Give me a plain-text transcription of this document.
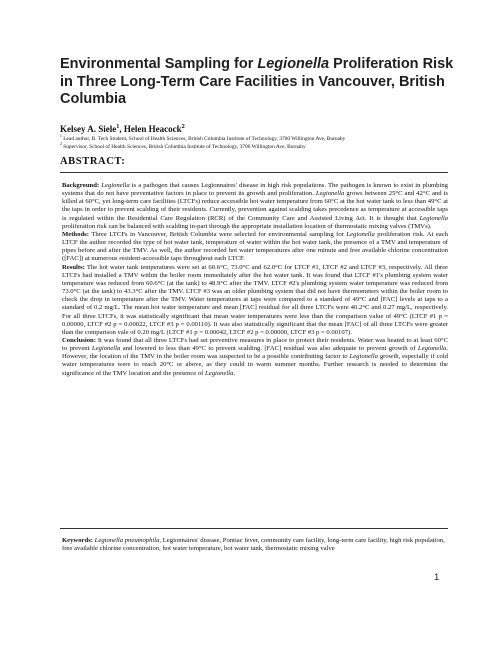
Environmental Sampling for Legionella Proliferation Risk in Three Long-Term Care Facilities in Vancouver, British Columbia
Kelsey A. Siele$^1$, Helen Heacock$^2$
$^1$ Lead author, B. Tech Student, School of Health Sciences, British Columbia Institute of Technology, 3700 Willington Ave, Burnaby
$^2$ Supervisor, School of Health Sciences, British Columbia Institute of Technology, 3700 Willington Ave, Burnaby
ABSTRACT:

Background: Legionella is a pathogen that causes Legionnaires' disease in high risk populations. The pathogen is known to exist in plumbing systems that do not have preventative factors in place to prevent its growth and proliferation. Legionella grows between 25°C and 42°C and is killed at 60°C, yet long-term care facilities (LTCFs) reduce accessible hot water temperature from 60°C at the hot water tank to less than 49°C at the taps in order to prevent scalding of their residents. Currently, prevention against scalding takes precedence as temperature at accessible taps is regulated within the Residential Care Regulation (RCR) of the Community Care and Assisted Living Act. It is thought that Legionella proliferation risk can be balanced with scalding in-part through the appropriate installation location of thermostatic mixing valves (TMVs).

Methods: Three LTCFs in Vancouver, British Columbia were selected for environmental sampling for Legionella proliferation risk. At each LTCF the author recorded the type of hot water tank, temperature of water within the hot water tank, the presence of a TMV and temperature of pipes before and after the TMV. As well, the author recorded hot water temperatures after one minute and free available chlorine concentration ([FAC]) at numerous resident-accessible taps throughout each LTCF.

Results: The hot water tank temperatures were set at 60.6°C, 73.0°C and 62.0°C for LTCF #1, LTCF #2 and LTCF #3, respectively. All three LTCFs had installed a TMV within the boiler room immediately after the hot water tank. It was found that LTCF #1's plumbing system water temperature was reduced from 60.6°C (at the tank) to 48.9°C after the TMV. LTCF #2's plumbing system water temperature was reduced from 73.0°C (at the tank) to 43.3°C after the TMV. LTCF #3 was an older plumbing system that did not have thermometers within the boiler room to check the drop in temperature after the TMV. Water temperatures at taps were compared to a standard of 49°C and [FAC] levels at taps to a standard of 0.2 mg/L. The mean hot water temperature and mean [FAC] residual for all three LTCFs were 40.2°C and 0.27 mg/L, respectively. For all three LTCFs, it was statistically significant that mean water temperatures were less than the comparison value of 49°C (LTCF #1 p = 0.00000, LTCF #2 p = 0.00022, LTCF #3 p = 0.00110). It was also statistically significant that the mean [FAC] of all three LTCFs were greater than the comparison vale of 0.20 mg/L (LTCF #1 p = 0.00042, LTCF #2 p = 0.00000, LTCF #3 p = 0.00107).

Conclusion: It was found that all three LTCFs had set preventive measures in place to protect their residents. Water was heated to at least 60°C to prevent Legionella and lowered to less than 49°C to prevent scalding. [FAC] residual was also adequate to prevent growth of Legionella. However, the location of the TMV in the boiler room was suspected to be a possible contributing factor to Legionella growth, especially if cold water temperatures were to reach 20°C or above, as they could in warm summer months. Further research is needed to determine the significance of the TMV location and the presence of Legionella.

Keywords: Legionella pneumophila, Legionnaires' disease, Pontiac fever, community care facility, long-term care facility, high risk population, free available chlorine concentration, hot water temperature, hot water tank, thermostatic mixing valve
1
